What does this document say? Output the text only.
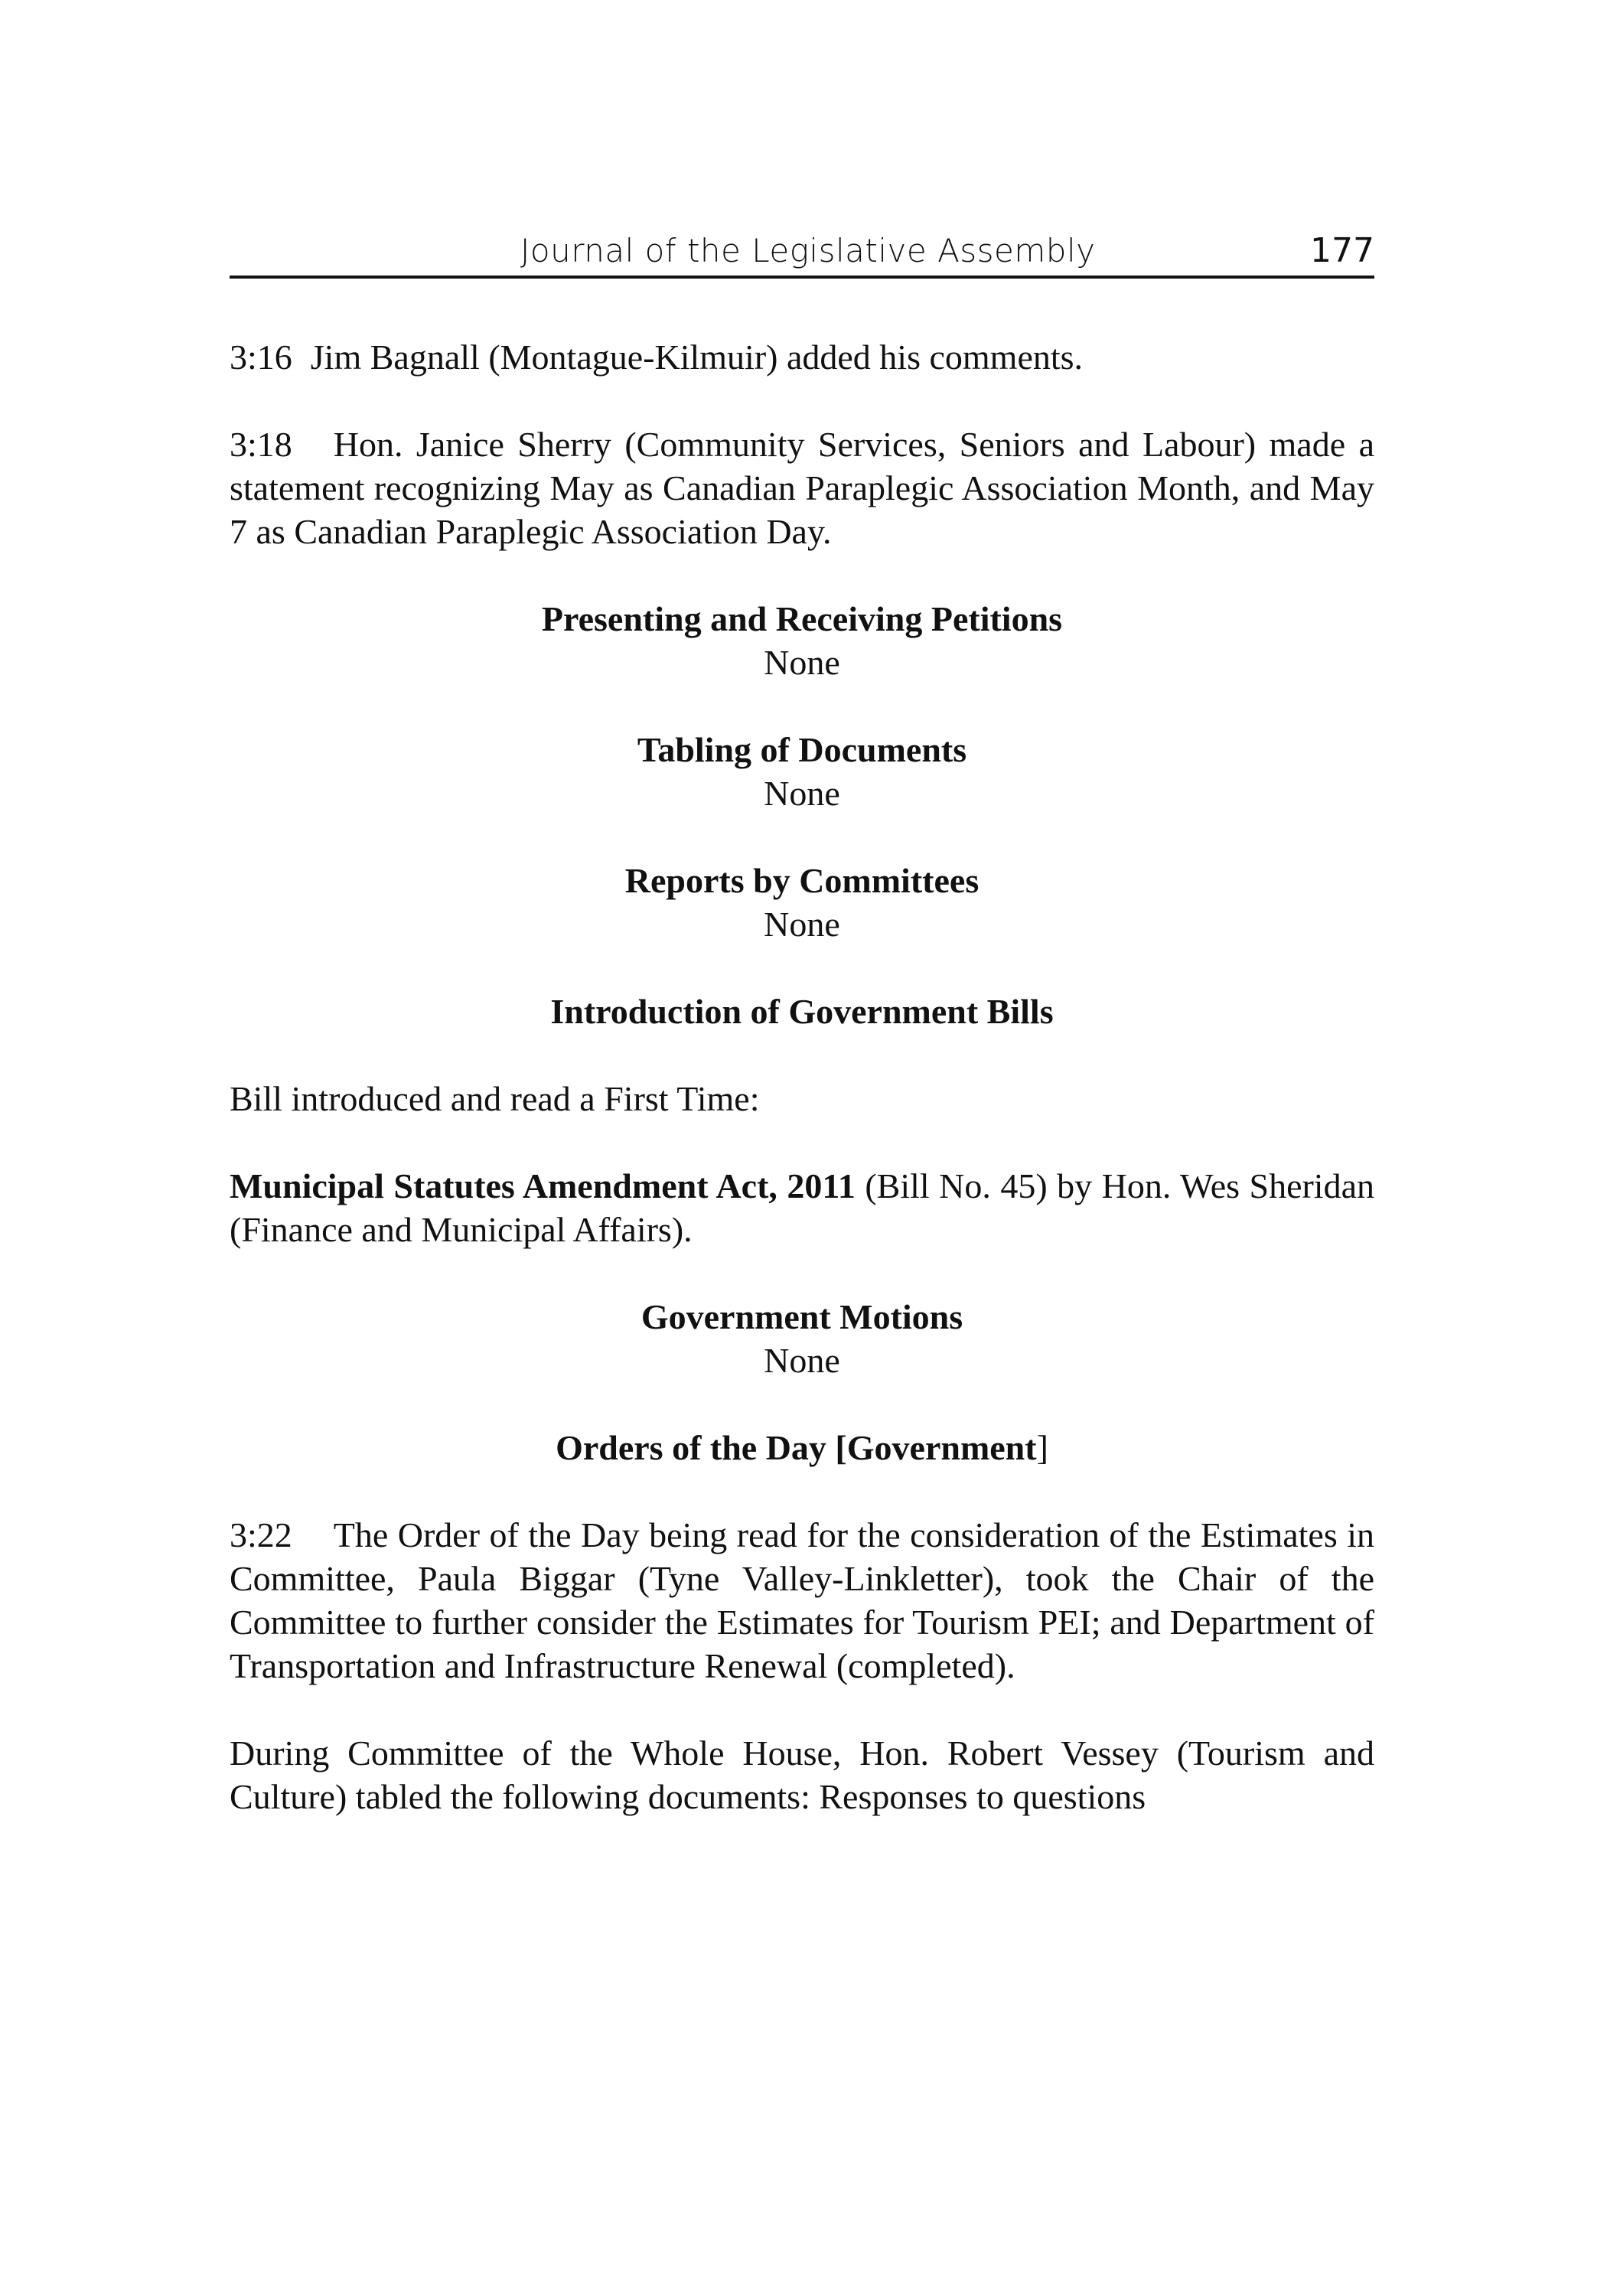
Journal of the Legislative Assembly	177

3:16 Jim Bagnall (Montague-Kilmuir) added his comments.

3:18 Hon. Janice Sherry (Community Services, Seniors and Labour) made a statement recognizing May as Canadian Paraplegic Association Month, and May 7 as Canadian Paraplegic Association Day.

Presenting and Receiving Petitions
None
Tabling of Documents
None
Reports by Committees
None
Introduction of Government Bills

Bill introduced and read a First Time:

Municipal Statutes Amendment Act, 2011 (Bill No. 45) by Hon. Wes Sheridan (Finance and Municipal Affairs).

Government Motions
None
Orders of the Day [Government]

3:22 The Order of the Day being read for the consideration of the Estimates in Committee, Paula Biggar (Tyne Valley-Linkletter), took the Chair of the Committee to further consider the Estimates for Tourism PEI; and Department of Transportation and Infrastructure Renewal (completed).

During Committee of the Whole House, Hon. Robert Vessey (Tourism and Culture) tabled the following documents: Responses to questions
